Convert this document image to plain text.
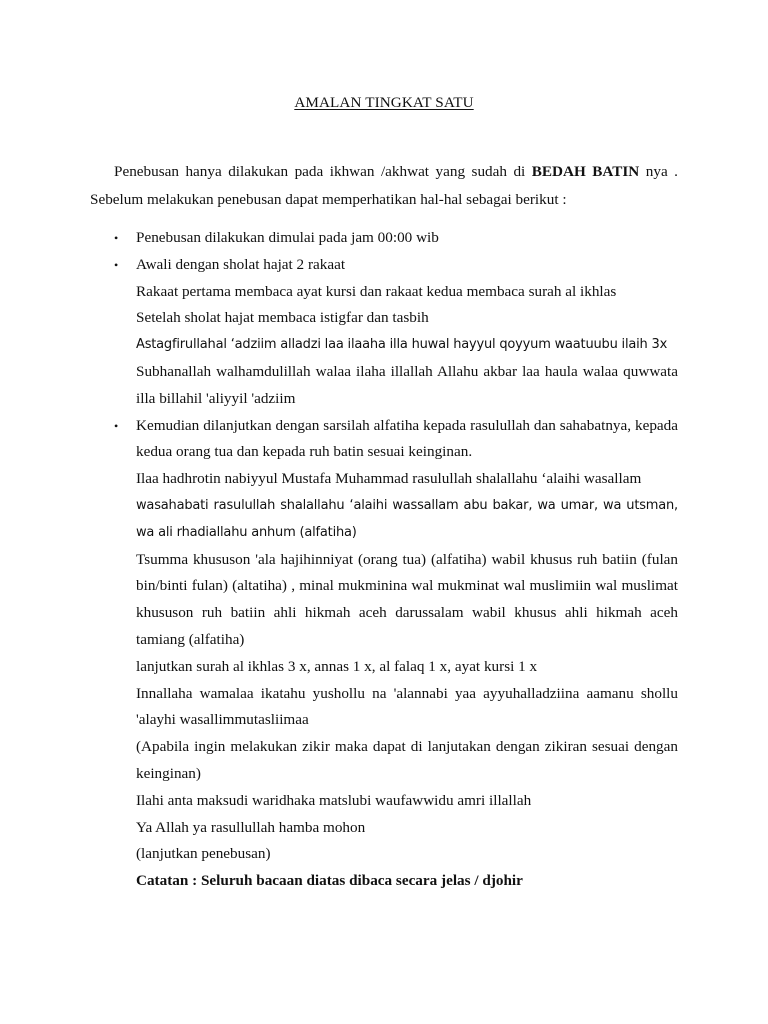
AMALAN TINGKAT SATU

Penebusan hanya dilakukan pada ikhwan /akhwat yang sudah di BEDAH BATIN nya . Sebelum melakukan penebusan dapat memperhatikan hal-hal sebagai berikut :

• Penebusan dilakukan dimulai pada jam 00:00 wib
• Awali dengan sholat hajat 2 rakaat
Rakaat pertama membaca ayat kursi dan rakaat kedua membaca surah al ikhlas
Setelah sholat hajat membaca istigfar dan tasbih
Astagfirullahal ‘adziim alladzi laa ilaaha illa huwal hayyul qoyyum waatuubu ilaih 3x
Subhanallah walhamdulillah walaa ilaha illallah Allahu akbar laa haula walaa quwwata illa billahil 'aliyyil 'adziim
• Kemudian dilanjutkan dengan sarsilah alfatiha kepada rasulullah dan sahabatnya, kepada kedua orang tua dan kepada ruh batin sesuai keinginan.
Ilaa hadhrotin nabiyyul Mustafa Muhammad rasulullah shalallahu ‘alaihi wasallam
wasahabati rasulullah shalallahu ‘alaihi wassallam abu bakar, wa umar, wa utsman, wa ali rhadiallahu anhum (alfatiha)
Tsumma khususon 'ala hajihinniyat (orang tua) (alfatiha) wabil khusus ruh batiin (fulan bin/binti fulan) (altatiha) , minal mukminina wal mukminat wal muslimiin wal muslimat khususon ruh batiin ahli hikmah aceh darussalam wabil khusus ahli hikmah aceh tamiang (alfatiha)
lanjutkan surah al ikhlas 3 x, annas 1 x, al falaq 1 x, ayat kursi 1 x
Innallaha wamalaa ikatahu yushollu na 'alannabi yaa ayyuhalladziina aamanu shollu 'alayhi wasallimmutasliimaa
(Apabila ingin melakukan zikir maka dapat di lanjutakan dengan zikiran sesuai dengan keinginan)
Ilahi anta maksudi waridhaka matslubi waufawwidu amri illallah
Ya Allah ya rasullullah hamba mohon
(lanjutkan penebusan)
Catatan : Seluruh bacaan diatas dibaca secara jelas / djohir
